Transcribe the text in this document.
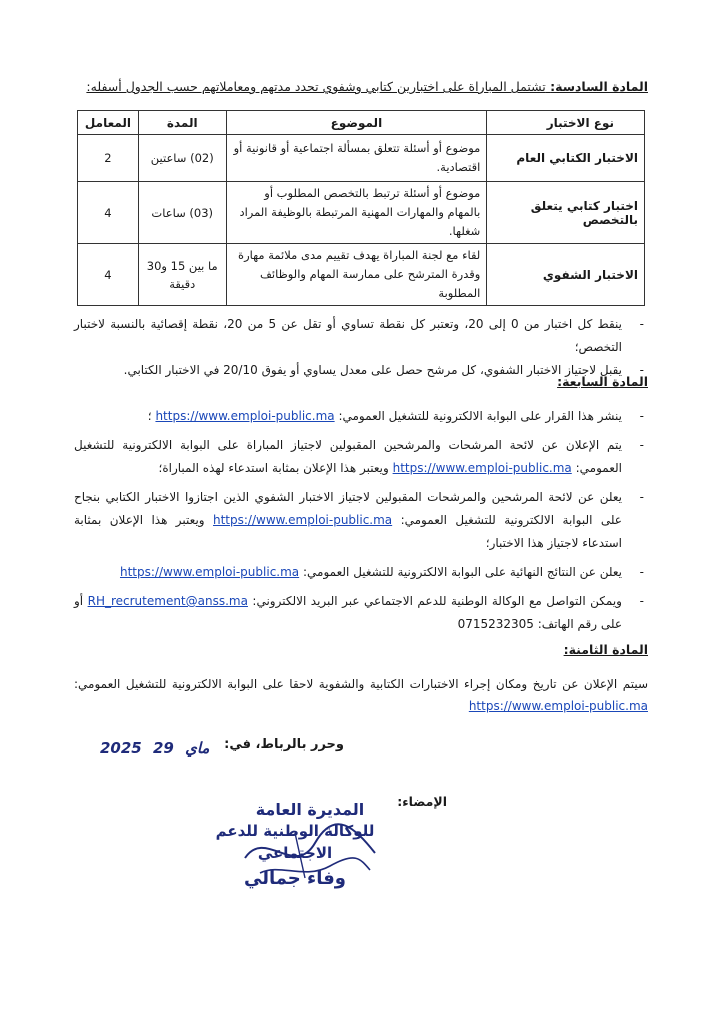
المادة السادسة: تشتمل المباراة على اختبارين كتابي وشفوي تحدد مدتهم ومعاملاتهم حسب الجدول أسفله:
نوع الاختبار	الموضوع	المدة	المعامل
الاختبار الكتابي العام	موضوع أو أسئلة تتعلق بمسألة اجتماعية أو قانونية أو اقتصادية.	(02) ساعتين	2
اختبار كتابي يتعلق بالتخصص	موضوع أو أسئلة ترتبط بالتخصص المطلوب أو بالمهام والمهارات المهنية المرتبطة بالوظيفة المراد شغلها.	(03) ساعات	4
الاختبار الشفوي	لقاء مع لجنة المباراة يهدف تقييم مدى ملائمة مهارة وقدرة المترشح على ممارسة المهام والوظائف المطلوبة	ما بين 15 و30 دقيقة	4
- ينقط كل اختبار من 0 إلى 20، وتعتبر كل نقطة تساوي أو تقل عن 5 من 20، نقطة إقصائية بالنسبة لاختبار التخصص؛
- يقبل لاجتياز الاختبار الشفوي، كل مرشح حصل على معدل يساوي أو يفوق 20/10 في الاختبار الكتابي.
المادة السابعة:
- ينشر هذا القرار على البوابة الالكترونية للتشغيل العمومي: https://www.emploi-public.ma ؛
- يتم الإعلان عن لائحة المرشحات والمرشحين المقبولين لاجتياز المباراة على البوابة الالكترونية للتشغيل العمومي: https://www.emploi-public.ma ويعتبر هذا الإعلان بمثابة استدعاء لهذه المباراة؛
- يعلن عن لائحة المرشحين والمرشحات المقبولين لاجتياز الاختبار الشفوي الذين اجتازوا الاختبار الكتابي بنجاح على البوابة الالكترونية للتشغيل العمومي: https://www.emploi-public.ma ويعتبر هذا الإعلان بمثابة استدعاء لاجتياز هذا الاختبار؛
- يعلن عن النتائج النهائية على البوابة الالكترونية للتشغيل العمومي: https://www.emploi-public.ma
- ويمكن التواصل مع الوكالة الوطنية للدعم الاجتماعي عبر البريد الالكتروني: RH_recrutement@anss.ma أو على رقم الهاتف: 0715232305
المادة الثامنة:
سيتم الإعلان عن تاريخ ومكان إجراء الاختبارات الكتابية والشفوية لاحقا على البوابة الالكترونية للتشغيل العمومي: https://www.emploi-public.ma
وحرر بالرباط، في:
2025	ماي 29
الإمضاء:
المديرة العامة
للوكالة الوطنية للدعم الاجتماعي
وفاء جمالي
